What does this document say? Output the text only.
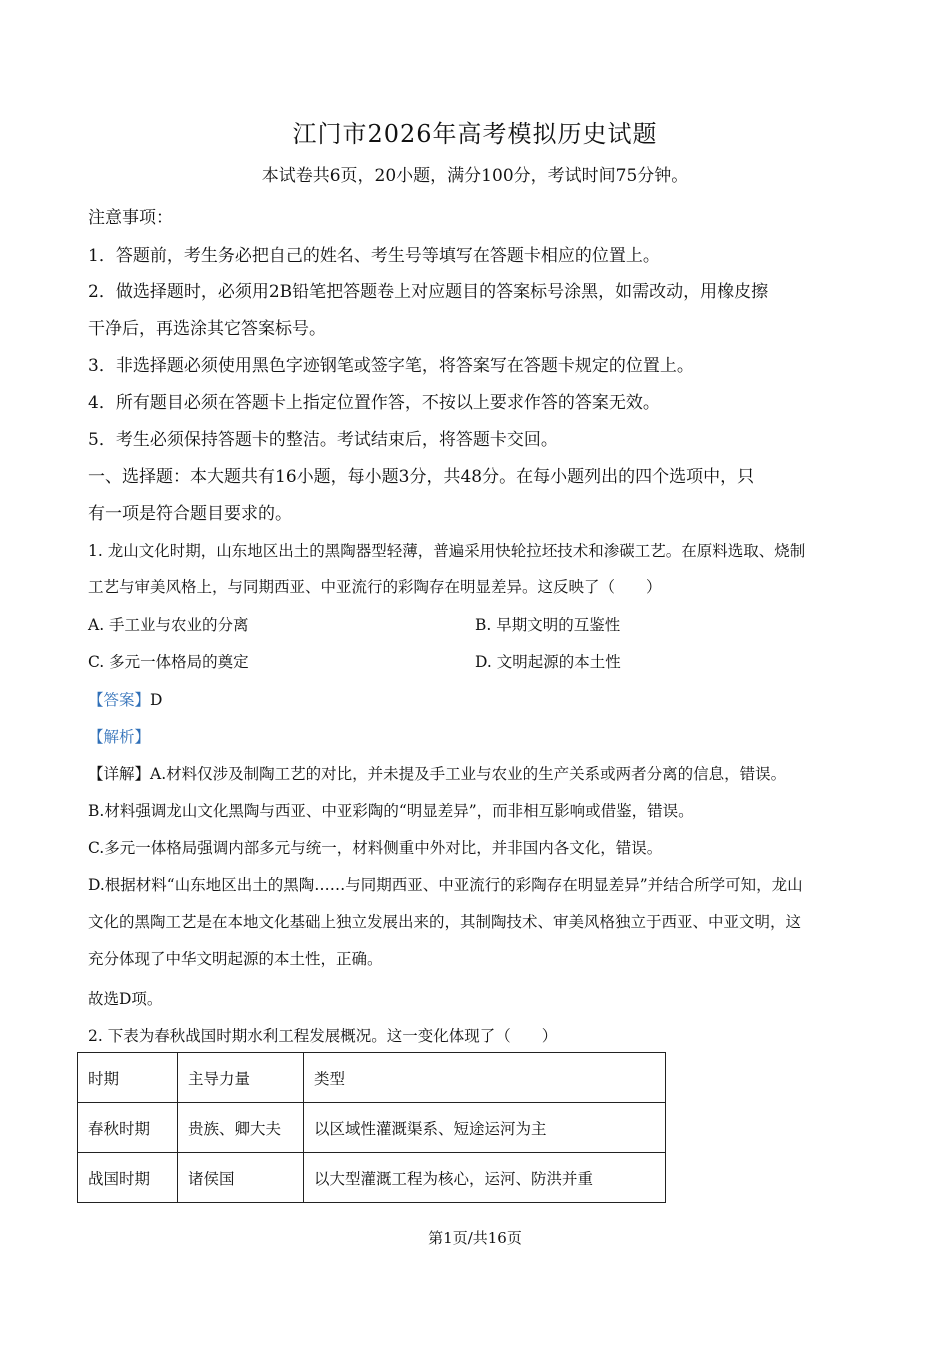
江门市2026年高考模拟历史试题
本试卷共6页，20小题，满分100分，考试时间75分钟。
注意事项：
1．答题前，考生务必把自己的姓名、考生号等填写在答题卡相应的位置上。
2．做选择题时，必须用2B铅笔把答题卷上对应题目的答案标号涂黑，如需改动，用橡皮擦
干净后，再选涂其它答案标号。
3．非选择题必须使用黑色字迹钢笔或签字笔，将答案写在答题卡规定的位置上。
4．所有题目必须在答题卡上指定位置作答，不按以上要求作答的答案无效。
5．考生必须保持答题卡的整洁。考试结束后，将答题卡交回。
一、选择题：本大题共有16小题，每小题3分，共48分。在每小题列出的四个选项中，只
有一项是符合题目要求的。
1. 龙山文化时期，山东地区出土的黑陶器型轻薄，普遍采用快轮拉坯技术和渗碳工艺。在原料选取、烧制
工艺与审美风格上，与同期西亚、中亚流行的彩陶存在明显差异。这反映了（　　）
A. 手工业与农业的分离	B. 早期文明的互鉴性
C. 多元一体格局的奠定	D. 文明起源的本土性
【答案】D
【解析】
【详解】A.材料仅涉及制陶工艺的对比，并未提及手工业与农业的生产关系或两者分离的信息，错误。
B.材料强调龙山文化黑陶与西亚、中亚彩陶的“明显差异”，而非相互影响或借鉴，错误。
C.多元一体格局强调内部多元与统一，材料侧重中外对比，并非国内各文化，错误。
D.根据材料“山东地区出土的黑陶……与同期西亚、中亚流行的彩陶存在明显差异”并结合所学可知，龙山
文化的黑陶工艺是在本地文化基础上独立发展出来的，其制陶技术、审美风格独立于西亚、中亚文明，这
充分体现了中华文明起源的本土性，正确。
故选D项。
2. 下表为春秋战国时期水利工程发展概况。这一变化体现了（　　）
时期	主导力量	类型
春秋时期	贵族、卿大夫	以区域性灌溉渠系、短途运河为主
战国时期	诸侯国	以大型灌溉工程为核心，运河、防洪并重
第1页/共16页
